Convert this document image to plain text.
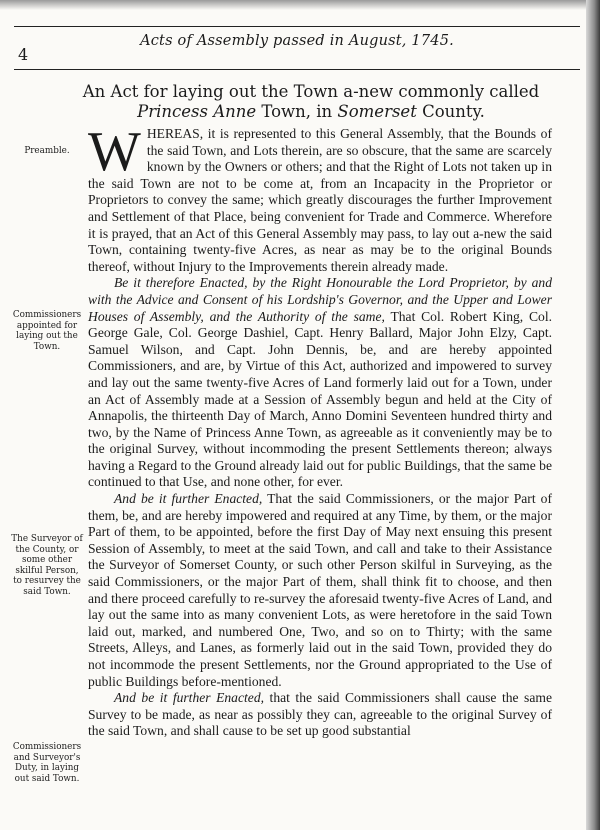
4
Acts of Assembly passed in August, 1745.
An Act for laying out the Town a-new commonly called Princess Anne Town, in Somerset County.
Preamble.
Commissioners appointed for laying out the Town.
The Surveyor of the County, or some other skilful Person, to resurvey the said Town.
Commissioners and Surveyor's Duty, in laying out said Town.

WHEREAS, it is represented to this General Assembly, that the Bounds of the said Town, and Lots therein, are so obscure, that the same are scarcely known by the Owners or others; and that the Right of Lots not taken up in the said Town are not to be come at, from an Incapacity in the Proprietor or Proprietors to convey the same; which greatly discourages the further Improvement and Settlement of that Place, being convenient for Trade and Commerce. Wherefore it is prayed, that an Act of this General Assembly may pass, to lay out a-new the said Town, containing twenty-five Acres, as near as may be to the original Bounds thereof, without Injury to the Improvements therein already made.

Be it therefore Enacted, by the Right Honourable the Lord Proprietor, by and with the Advice and Consent of his Lordship's Governor, and the Upper and Lower Houses of Assembly, and the Authority of the same, That Col. Robert King, Col. George Gale, Col. George Dashiel, Capt. Henry Ballard, Major John Elzy, Capt. Samuel Wilson, and Capt. John Dennis, be, and are hereby appointed Commissioners, and are, by Virtue of this Act, authorized and impowered to survey and lay out the same twenty-five Acres of Land formerly laid out for a Town, under an Act of Assembly made at a Session of Assembly begun and held at the City of Annapolis, the thirteenth Day of March, Anno Domini Seventeen hundred thirty and two, by the Name of Princess Anne Town, as agreeable as it conveniently may be to the original Survey, without incommoding the present Settlements thereon; always having a Regard to the Ground already laid out for public Buildings, that the same be continued to that Use, and none other, for ever.

And be it further Enacted, That the said Commissioners, or the major Part of them, be, and are hereby impowered and required at any Time, by them, or the major Part of them, to be appointed, before the first Day of May next ensuing this present Session of Assembly, to meet at the said Town, and call and take to their Assistance the Surveyor of Somerset County, or such other Person skilful in Surveying, as the said Commissioners, or the major Part of them, shall think fit to choose, and then and there proceed carefully to re-survey the aforesaid twenty-five Acres of Land, and lay out the same into as many convenient Lots, as were heretofore in the said Town laid out, marked, and numbered One, Two, and so on to Thirty; with the same Streets, Alleys, and Lanes, as formerly laid out in the said Town, provided they do not incommode the present Settlements, nor the Ground appropriated to the Use of public Buildings before-mentioned.

And be it further Enacted, that the said Commissioners shall cause the same Survey to be made, as near as possibly they can, agreeable to the original Survey of the said Town, and shall cause to be set up good substantial
